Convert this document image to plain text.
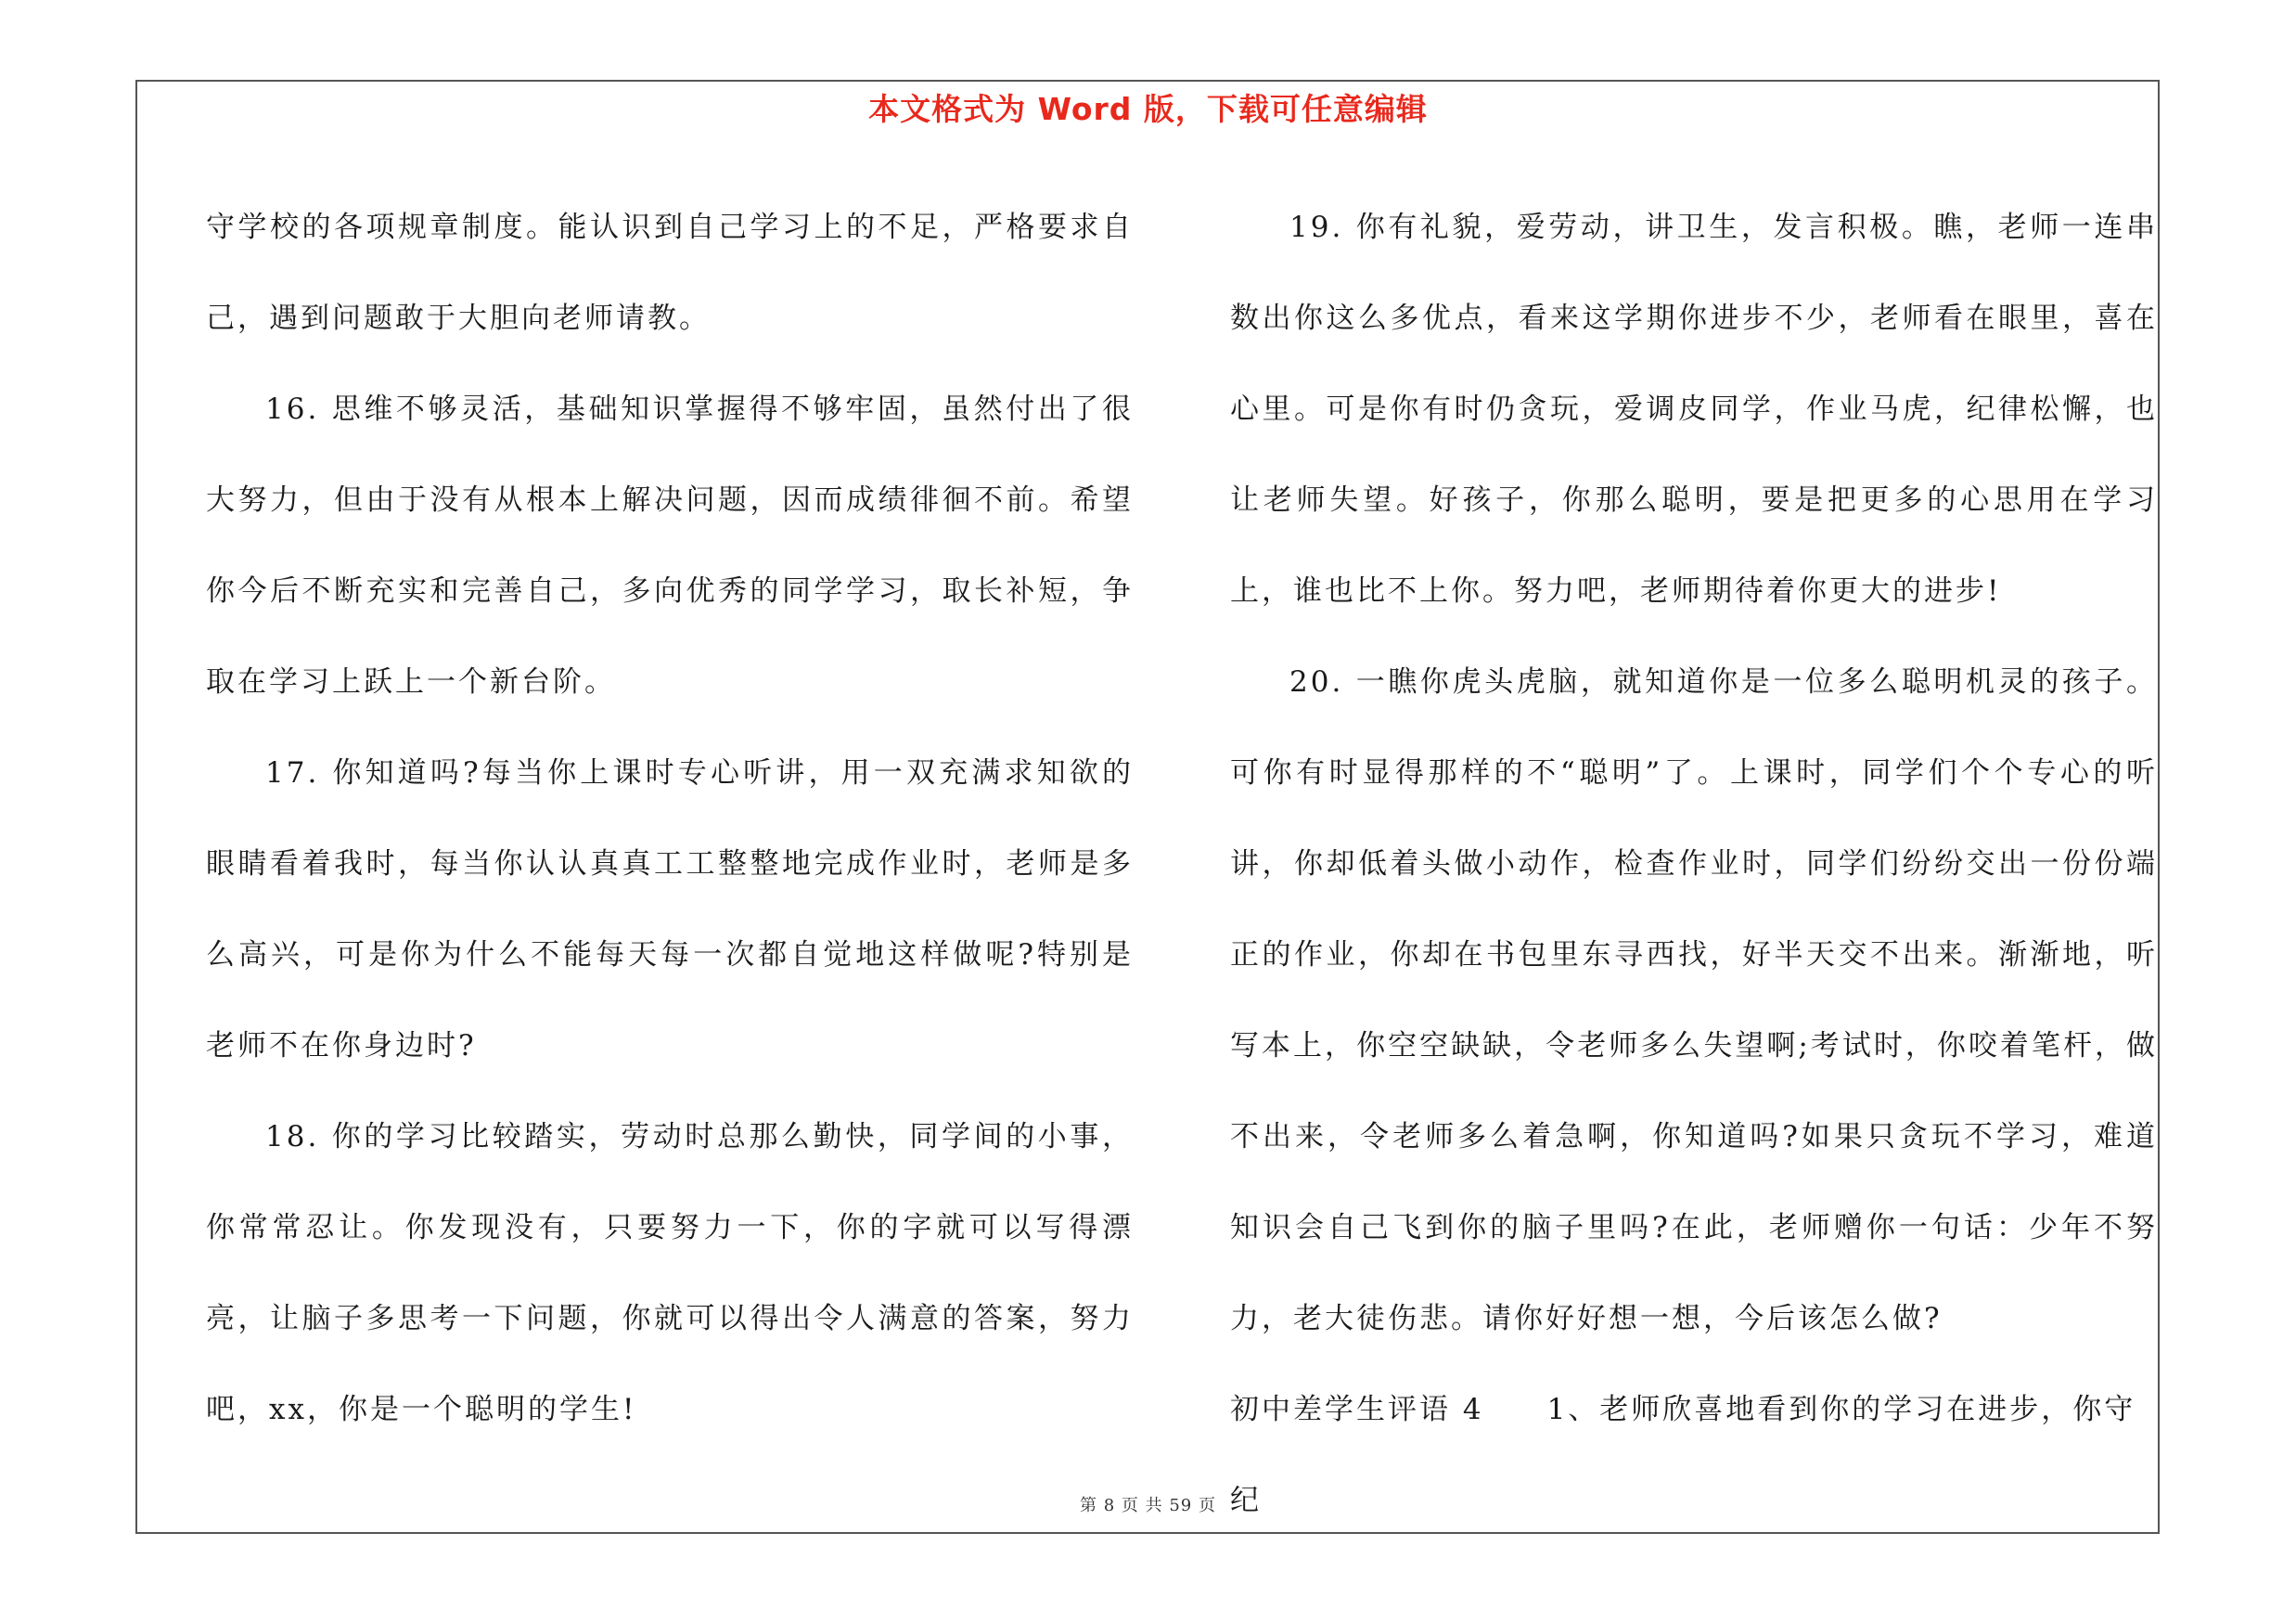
本文格式为 Word 版，下载可任意编辑

守学校的各项规章制度。能认识到自己学习上的不足，严格要求自己，遇到问题敢于大胆向老师请教。

16. 思维不够灵活，基础知识掌握得不够牢固，虽然付出了很大努力，但由于没有从根本上解决问题，因而成绩徘徊不前。希望你今后不断充实和完善自己，多向优秀的同学学习，取长补短，争取在学习上跃上一个新台阶。

17. 你知道吗?每当你上课时专心听讲，用一双充满求知欲的眼睛看着我时，每当你认认真真工工整整地完成作业时，老师是多么高兴，可是你为什么不能每天每一次都自觉地这样做呢?特别是老师不在你身边时?

18. 你的学习比较踏实，劳动时总那么勤快，同学间的小事，你常常忍让。你发现没有，只要努力一下，你的字就可以写得漂亮，让脑子多思考一下问题，你就可以得出令人满意的答案，努力吧，xx，你是一个聪明的学生!

19. 你有礼貌，爱劳动，讲卫生，发言积极。瞧，老师一连串数出你这么多优点，看来这学期你进步不少，老师看在眼里，喜在心里。可是你有时仍贪玩，爱调皮同学，作业马虎，纪律松懈，也让老师失望。好孩子，你那么聪明，要是把更多的心思用在学习上，谁也比不上你。努力吧，老师期待着你更大的进步!

20. 一瞧你虎头虎脑，就知道你是一位多么聪明机灵的孩子。可你有时显得那样的不“聪明”了。上课时，同学们个个专心的听讲，你却低着头做小动作，检查作业时，同学们纷纷交出一份份端正的作业，你却在书包里东寻西找，好半天交不出来。渐渐地，听写本上，你空空缺缺，令老师多么失望啊;考试时，你咬着笔杆，做不出来，令老师多么着急啊，你知道吗?如果只贪玩不学习，难道知识会自己飞到你的脑子里吗?在此，老师赠你一句话：少年不努力，老大徒伤悲。请你好好想一想，今后该怎么做?

初中差学生评语 4　　1、老师欣喜地看到你的学习在进步，你守纪

第 8 页 共 59 页
